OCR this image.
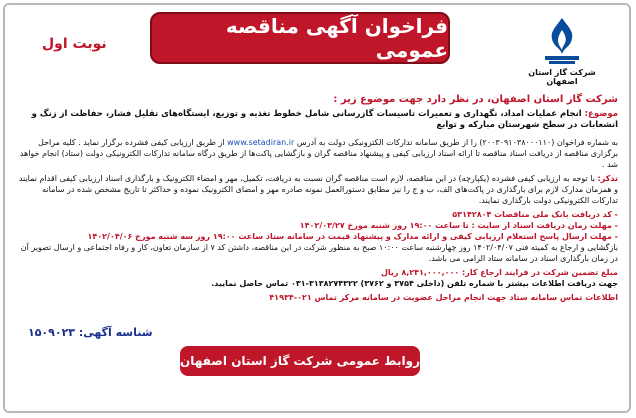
شرکت گاز استان اصفهان
فراخوان آگهی مناقصه عمومی
نوبت اول
شرکت گاز استان اصفهان، در نظر دارد جهت موضوع زیر :
موضوع: انجام عملیات امداد، نگهداری و تعمیرات تاسیسات گازرسانی شامل خطوط تغذیه و توزیع، ایستگاه‌های تقلیل فشار، حفاظت از زنگ و انشعابات در سطح شهرستان مبارکه و توابع
به شماره فراخوان (۲۰۰۳۰۹۱۰۳۸۰۰۰۱۱۰) را از طریق سامانه تدارکات الکترونیکی دولت به آدرس www.setadiran.ir از طریق ارزیابی کیفی فشرده برگزار نماید . کلیه مراحل برگزاری مناقصه از دریافت اسناد مناقصه تا ارائه اسناد ارزیابی کیفی و پیشنهاد مناقصه گران و بازگشایی پاکت‌ها از طریق درگاه سامانه تدارکات الکترونیکی دولت (ستاد) انجام خواهد شد .
تذکر: با توجه به ارزیابی کیفی فشرده (یکپارچه) در این مناقصه، لازم است مناقصه گران نسبت به دریافت، تکمیل، مهر و امضاء الکترونیک و بارگذاری اسناد ارزیابی کیفی اقدام نمایند و همزمان مدارک لازم برای بارگذاری در پاکت‌های الف، ب و ج را نیز مطابق دستورالعمل نمونه صادره مهر و امضای الکترونیک نموده و حداکثر تا تاریخ مشخص شده در سامانه تدارکات الکترونیکی دولت بارگذاری نمایند.
- کد دریافت بانک ملی مناقصات ۵۳۱۴۲۸۰۴
- مهلت زمان دریافت اسناد از سایت : تا ساعت ۱۹:۰۰ روز شنبه مورخ ۱۴۰۲/۰۳/۲۷
- مهلت ارسال پاسخ استعلام ارزیابی کیفی و ارائه مدارک و پیشنهاد قیمت در سامانه ستاد ساعت ۱۹:۰۰ روز سه شنبه مورخ ۱۴۰۲/۰۴/۰۶
بازگشایی و ارجاع به کمیته فنی ۱۴۰۲/۰۴/۰۷ روز چهارشنبه ساعت ۱۰:۰۰ صبح به منظور شرکت در این مناقصه، داشتن کد ۷ از سازمان تعاون، کار و رفاه اجتماعی و ارسال تصویر آن در زمان بارگذاری اسناد در سامانه ستاد الزامی می باشد.
مبلغ تضمین شرکت در فرایند ارجاع کار: ۸,۲۴۱,۰۰۰,۰۰۰ ریال
جهت دریافت اطلاعات بیشتر با شماره تلفن (داخلی ۳۷۵۴ و ۳۷۶۲) ۳۱۳۸۲۷۴۳۲۲-۰۳۱ تماس حاصل نمایید.
اطلاعات تماس سامانه ستاد جهت انجام مراحل عضویت در سامانه مرکز تماس ۰۲۱-۴۱۹۳۴
شناسه آگهی: ۱۵۰۹۰۲۳
روابط عمومی شرکت گاز استان اصفهان
